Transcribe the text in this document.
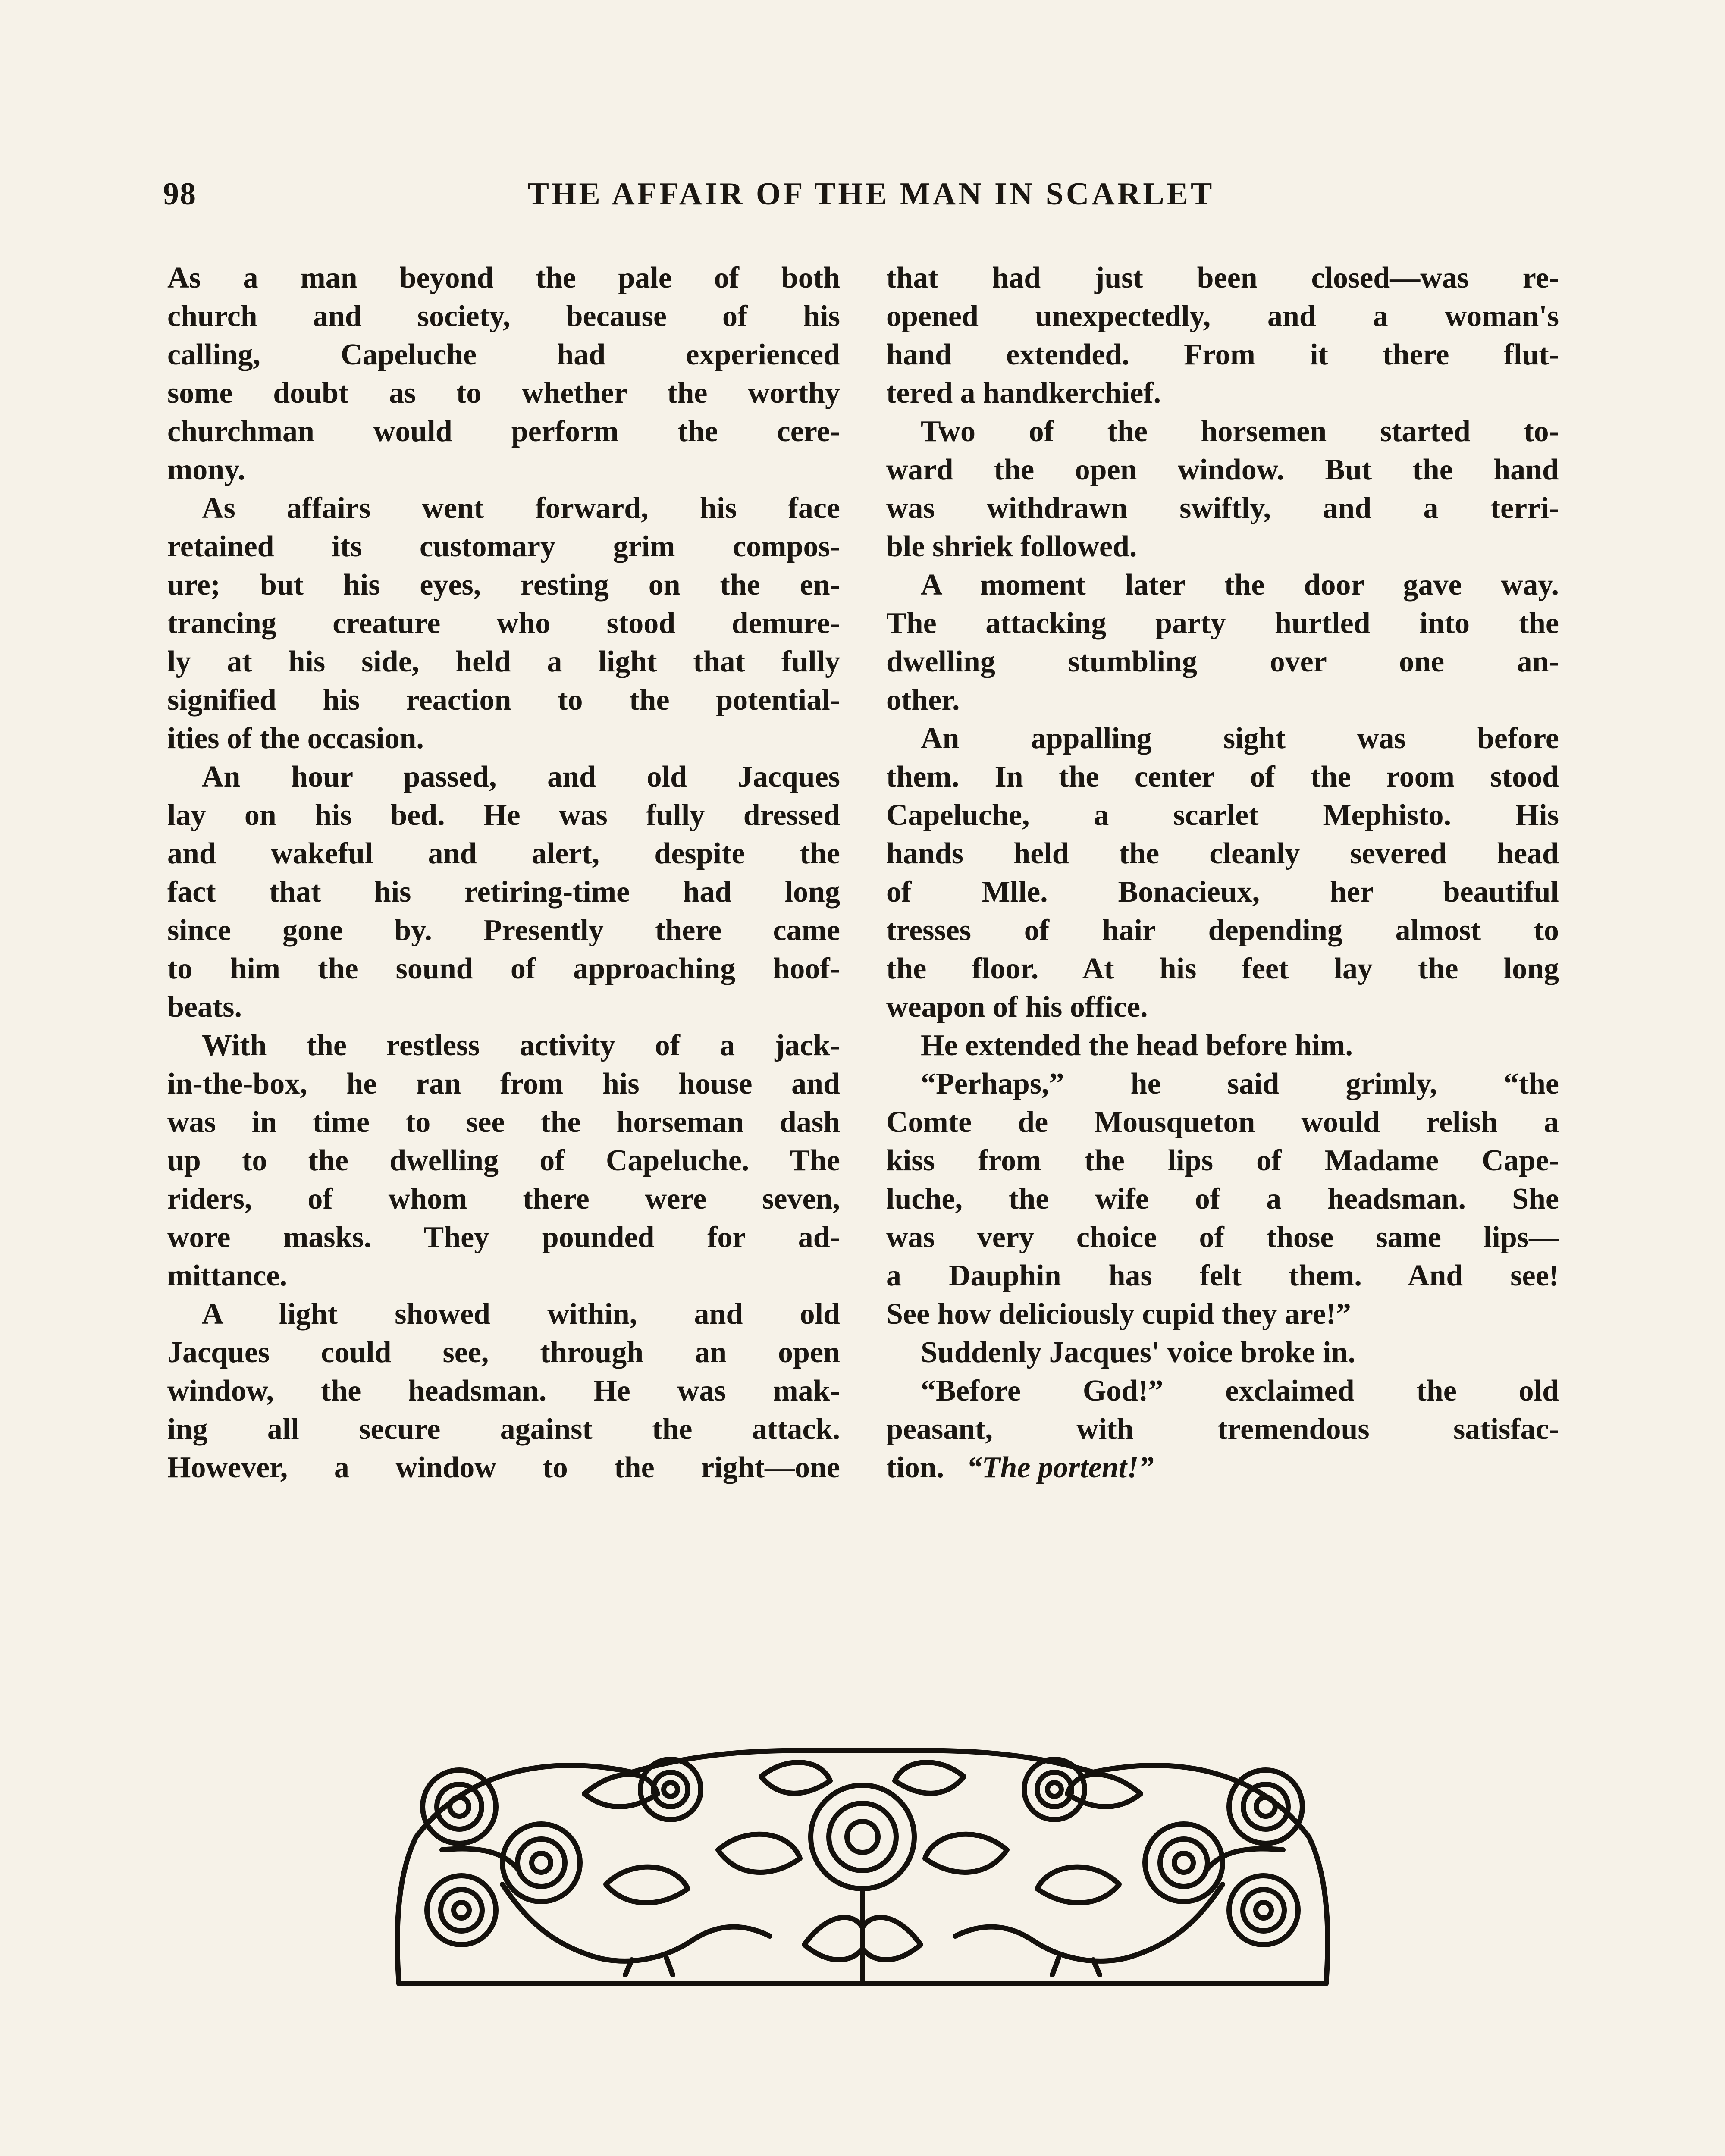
98	THE AFFAIR OF THE MAN IN SCARLET
As a man beyond the pale of both
church and society, because of his
calling, Capeluche had experienced
some doubt as to whether the worthy
churchman would perform the cere-
mony.
As affairs went forward, his face
retained its customary grim compos-
ure; but his eyes, resting on the en-
trancing creature who stood demure-
ly at his side, held a light that fully
signified his reaction to the potential-
ities of the occasion.
An hour passed, and old Jacques
lay on his bed. He was fully dressed
and wakeful and alert, despite the
fact that his retiring-time had long
since gone by. Presently there came
to him the sound of approaching hoof-
beats.
With the restless activity of a jack-
in-the-box, he ran from his house and
was in time to see the horseman dash
up to the dwelling of Capeluche. The
riders, of whom there were seven,
wore masks. They pounded for ad-
mittance.
A light showed within, and old
Jacques could see, through an open
window, the headsman. He was mak-
ing all secure against the attack.
However, a window to the right—one
that had just been closed—was re-
opened unexpectedly, and a woman's
hand extended. From it there flut-
tered a handkerchief.
Two of the horsemen started to-
ward the open window. But the hand
was withdrawn swiftly, and a terri-
ble shriek followed.
A moment later the door gave way.
The attacking party hurtled into the
dwelling stumbling over one an-
other.
An appalling sight was before
them. In the center of the room stood
Capeluche, a scarlet Mephisto. His
hands held the cleanly severed head
of Mlle. Bonacieux, her beautiful
tresses of hair depending almost to
the floor. At his feet lay the long
weapon of his office.
He extended the head before him.
“Perhaps,” he said grimly, “the
Comte de Mousqueton would relish a
kiss from the lips of Madame Cape-
luche, the wife of a headsman. She
was very choice of those same lips—
a Dauphin has felt them. And see!
See how deliciously cupid they are!”
Suddenly Jacques' voice broke in.
“Before God!” exclaimed the old
peasant, with tremendous satisfac-
tion. “The portent!”
